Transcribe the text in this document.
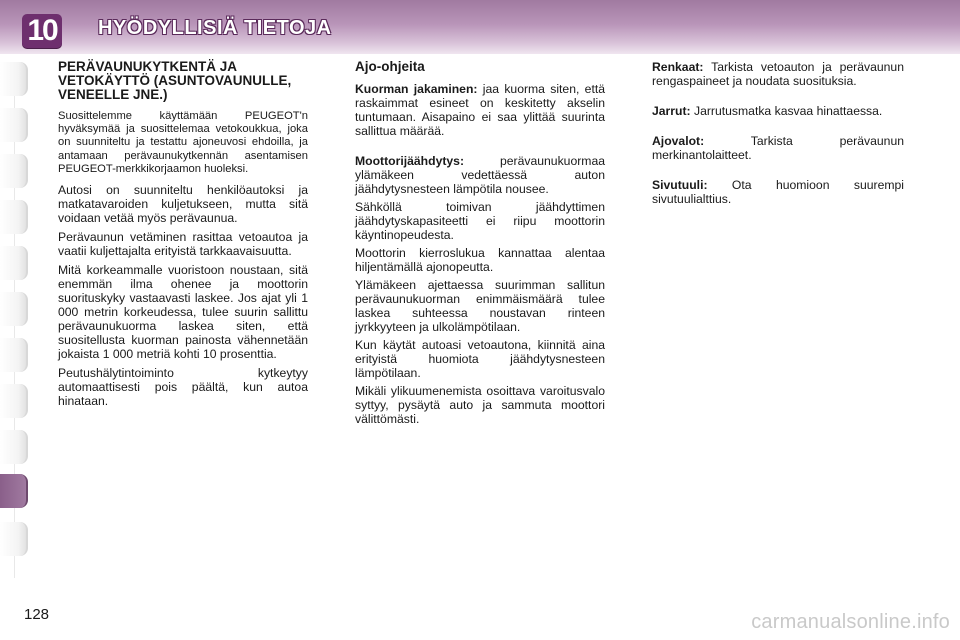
10 HYÖDYLLISIÄ TIETOJA
PERÄVAUNUKYTKENTÄ JA VETOKÄYTTÖ (ASUNTOVAUNULLE, VENEELLE JNE.)

Suosittelemme käyttämään PEUGEOT'n hyväksymää ja suosittelemaa vetokoukkua, joka on suunniteltu ja testattu ajoneuvosi ehdoilla, ja antamaan perävaunukytkennän asentamisen PEUGEOT-merkkikorjaamon huoleksi.

Autosi on suunniteltu henkilöautoksi ja matkatavaroiden kuljetukseen, mutta sitä voidaan vetää myös perävaunua.

Perävaunun vetäminen rasittaa vetoautoa ja vaatii kuljettajalta erityistä tarkkaavaisuutta.

Mitä korkeammalle vuoristoon noustaan, sitä enemmän ilma ohenee ja moottorin suorituskyky vastaavasti laskee. Jos ajat yli 1 000 metrin korkeudessa, tulee suurin sallittu perävaunukuorma laskea siten, että suositellusta kuorman painosta vähennetään jokaista 1 000 metriä kohti 10 prosenttia.

Peutushälytintoiminto kytkeytyy automaattisesti pois päältä, kun autoa hinataan.

Ajo-ohjeita

Kuorman jakaminen: jaa kuorma siten, että raskaimmat esineet on keskitetty akselin tuntumaan. Aisapaino ei saa ylittää suurinta sallittua määrää.

Moottorijäähdytys: perävaunukuormaa ylämäkeen vedettäessä auton jäähdytysnesteen lämpötila nousee.

Sähköllä toimivan jäähdyttimen jäähdytyskapasiteetti ei riipu moottorin käyntinopeudesta.

Moottorin kierroslukua kannattaa alentaa hiljentämällä ajonopeutta.

Ylämäkeen ajettaessa suurimman sallitun perävaunukuorman enimmäismäärä tulee laskea suhteessa noustavan rinteen jyrkkyyteen ja ulkolämpötilaan.

Kun käytät autoasi vetoautona, kiinnitä aina erityistä huomiota jäähdytysnesteen lämpötilaan.

Mikäli ylikuumenemista osoittava varoitusvalo syttyy, pysäytä auto ja sammuta moottori välittömästi.

Renkaat: Tarkista vetoauton ja perävaunun rengaspaineet ja noudata suosituksia.

Jarrut: Jarrutusmatka kasvaa hinattaessa.

Ajovalot: Tarkista perävaunun merkinantolaitteet.

Sivutuuli: Ota huomioon suurempi sivutuulialttius.

128	carmanualsonline.info
